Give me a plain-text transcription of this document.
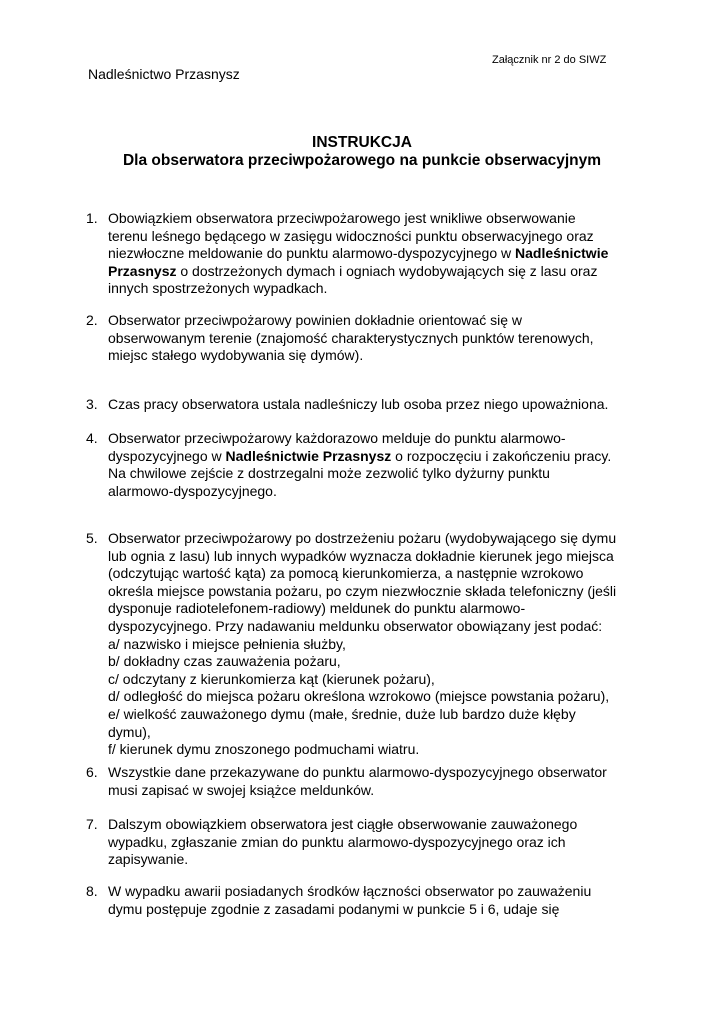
Załącznik nr 2 do SIWZ
Nadleśnictwo Przasnysz
INSTRUKCJA
Dla obserwatora przeciwpożarowego na punkcie obserwacyjnym
1. Obowiązkiem obserwatora przeciwpożarowego jest wnikliwe obserwowanie
terenu leśnego będącego w zasięgu widoczności punktu obserwacyjnego oraz
niezwłoczne meldowanie do punktu alarmowo-dyspozycyjnego w Nadleśnictwie
Przasnysz o dostrzeżonych dymach i ogniach wydobywających się z lasu oraz
innych spostrzeżonych wypadkach.
2. Obserwator przeciwpożarowy powinien dokładnie orientować się w
obserwowanym terenie (znajomość charakterystycznych punktów terenowych,
miejsc stałego wydobywania się dymów).
3. Czas pracy obserwatora ustala nadleśniczy lub osoba przez niego upoważniona.
4. Obserwator przeciwpożarowy każdorazowo melduje do punktu alarmowo-
dyspozycyjnego w Nadleśnictwie Przasnysz o rozpoczęciu i zakończeniu pracy.
Na chwilowe zejście z dostrzegalni może zezwolić tylko dyżurny punktu
alarmowo-dyspozycyjnego.
5. Obserwator przeciwpożarowy po dostrzeżeniu pożaru (wydobywającego się dymu
lub ognia z lasu) lub innych wypadków wyznacza dokładnie kierunek jego miejsca
(odczytując wartość kąta) za pomocą kierunkomierza, a następnie wzrokowo
określa miejsce powstania pożaru, po czym niezwłocznie składa telefoniczny (jeśli
dysponuje radiotelefonem-radiowy) meldunek do punktu alarmowo-
dyspozycyjnego. Przy nadawaniu meldunku obserwator obowiązany jest podać:
a/ nazwisko i miejsce pełnienia służby,
b/ dokładny czas zauważenia pożaru,
c/ odczytany z kierunkomierza kąt (kierunek pożaru),
d/ odległość do miejsca pożaru określona wzrokowo (miejsce powstania pożaru),
e/ wielkość zauważonego dymu (małe, średnie, duże lub bardzo duże kłęby
dymu),
f/ kierunek dymu znoszonego podmuchami wiatru.
6. Wszystkie dane przekazywane do punktu alarmowo-dyspozycyjnego obserwator
musi zapisać w swojej książce meldunków.
7. Dalszym obowiązkiem obserwatora jest ciągłe obserwowanie zauważonego
wypadku, zgłaszanie zmian do punktu alarmowo-dyspozycyjnego oraz ich
zapisywanie.
8. W wypadku awarii posiadanych środków łączności obserwator po zauważeniu
dymu postępuje zgodnie z zasadami podanymi w punkcie 5 i 6, udaje się
